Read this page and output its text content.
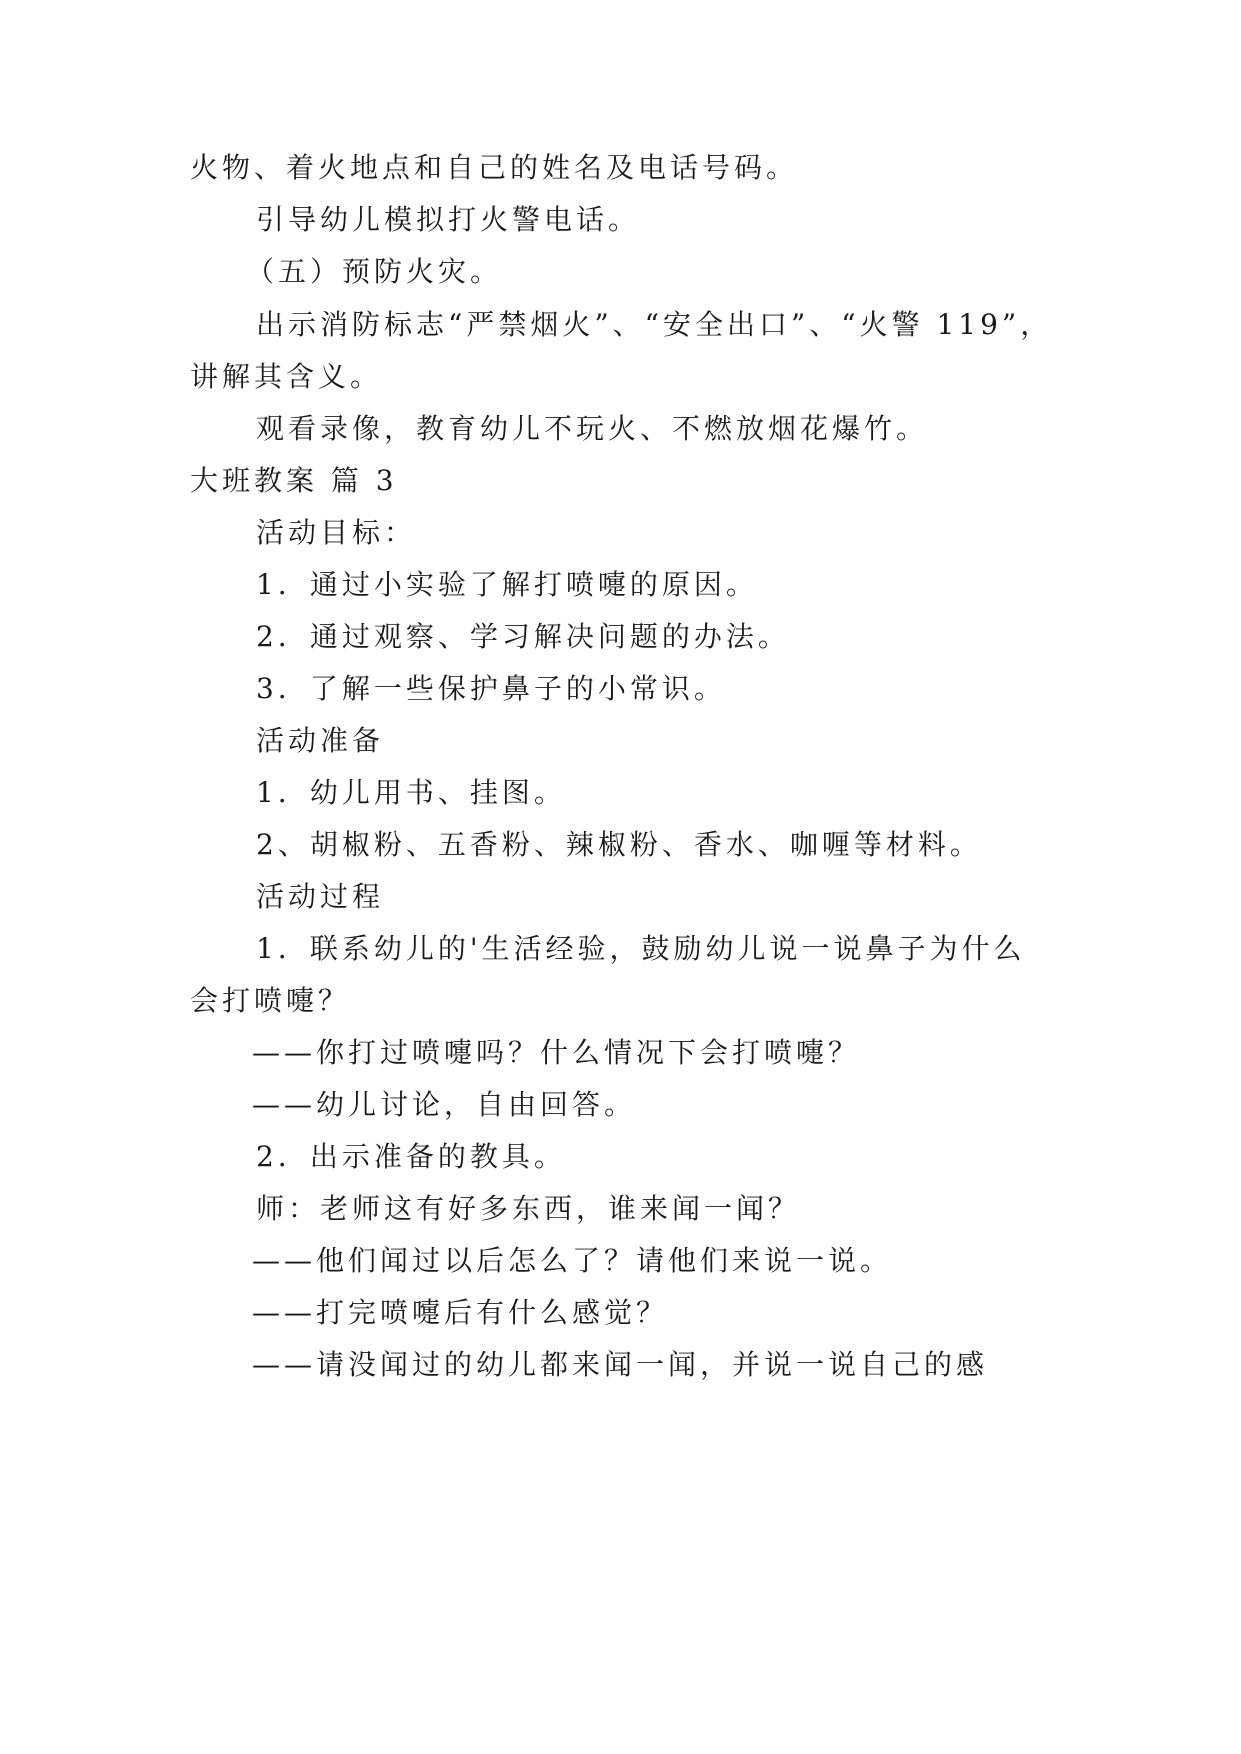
火物、着火地点和自己的姓名及电话号码。
引导幼儿模拟打火警电话。
（五）预防火灾。
出示消防标志“严禁烟火”、“安全出口”、“火警 119”，
讲解其含义。
观看录像，教育幼儿不玩火、不燃放烟花爆竹。
大班教案 篇 3
活动目标：
1．通过小实验了解打喷嚏的原因。
2．通过观察、学习解决问题的办法。
3．了解一些保护鼻子的小常识。
活动准备
1．幼儿用书、挂图。
2、胡椒粉、五香粉、辣椒粉、香水、咖喱等材料。
活动过程
1．联系幼儿的'生活经验，鼓励幼儿说一说鼻子为什么
会打喷嚏？
——你打过喷嚏吗？什么情况下会打喷嚏？
——幼儿讨论，自由回答。
2．出示准备的教具。
师：老师这有好多东西，谁来闻一闻？
——他们闻过以后怎么了？请他们来说一说。
——打完喷嚏后有什么感觉？
——请没闻过的幼儿都来闻一闻，并说一说自己的感
